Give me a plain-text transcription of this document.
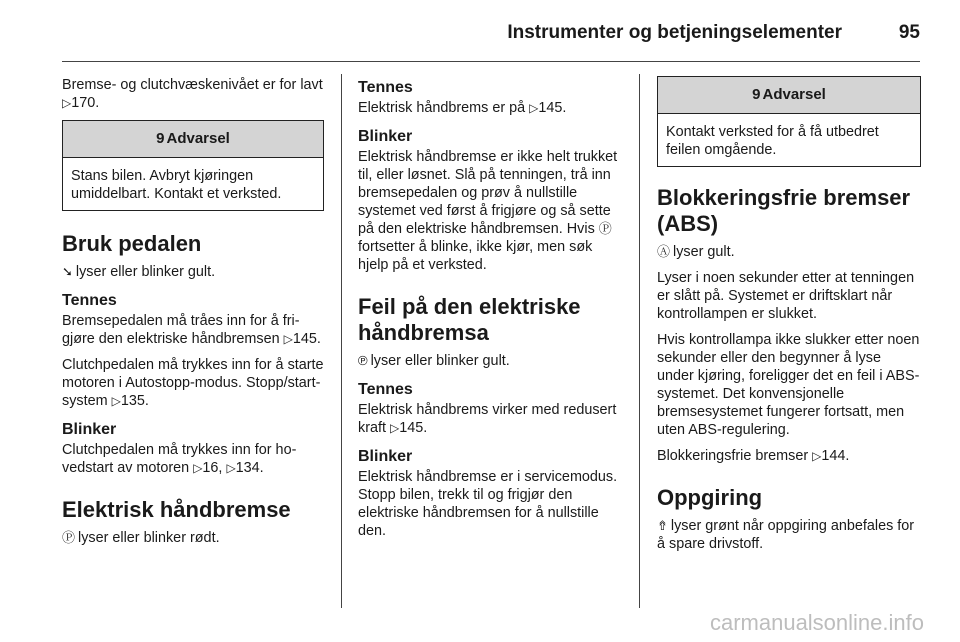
Instrumenter og betjeningselementer	95

Bremse- og clutchvæskenivået er for lavt ▷170.

9 Advarsel
Stans bilen. Avbryt kjøringen umiddelbart. Kontakt et verksted.
Bruk pedalen

➘ lyser eller blinker gult.

Tennes

Bremsepedalen må tråes inn for å frigjøre den elektriske håndbremsen ▷145.

Clutchpedalen må trykkes inn for å starte motoren i Autostopp-modus. Stopp/start-system ▷135.

Blinker

Clutchpedalen må trykkes inn for hovedstart av motoren ▷16, ▷134.

Elektrisk håndbremse

Ⓟ lyser eller blinker rødt.

Tennes

Elektrisk håndbrems er på ▷145.

Blinker

Elektrisk håndbremse er ikke helt trukket til, eller løsnet. Slå på tenningen, trå inn bremsepedalen og prøv å nullstille systemet ved først å frigjøre og så sette på den elektriske håndbremsen. Hvis Ⓟfortsetter å blinke, ikke kjør, men søk hjelp på et verksted.

Feil på den elektriske håndbremsa

℗ lyser eller blinker gult.

Tennes

Elektrisk håndbrems virker med redusert kraft ▷145.

Blinker

Elektrisk håndbremse er i servicemodus. Stopp bilen, trekk til og frigjør den elektriske håndbremsen for å nullstille den.

9 Advarsel
Kontakt verksted for å få utbedret feilen omgående.
Blokkeringsfrie bremser (ABS)

Ⓐ lyser gult.

Lyser i noen sekunder etter at tenningen er slått på. Systemet er driftsklart når kontrollampen er slukket.

Hvis kontrollampa ikke slukker etter noen sekunder eller den begynner å lyse under kjøring, foreligger det en feil i ABS-systemet. Det konvensjonelle bremsesystemet fungerer fortsatt, men uten ABS-regulering.

Blokkeringsfrie bremser ▷144.

Oppgiring

⇮ lyser grønt når oppgiring anbefales for å spare drivstoff.

carmanualsonline.info
